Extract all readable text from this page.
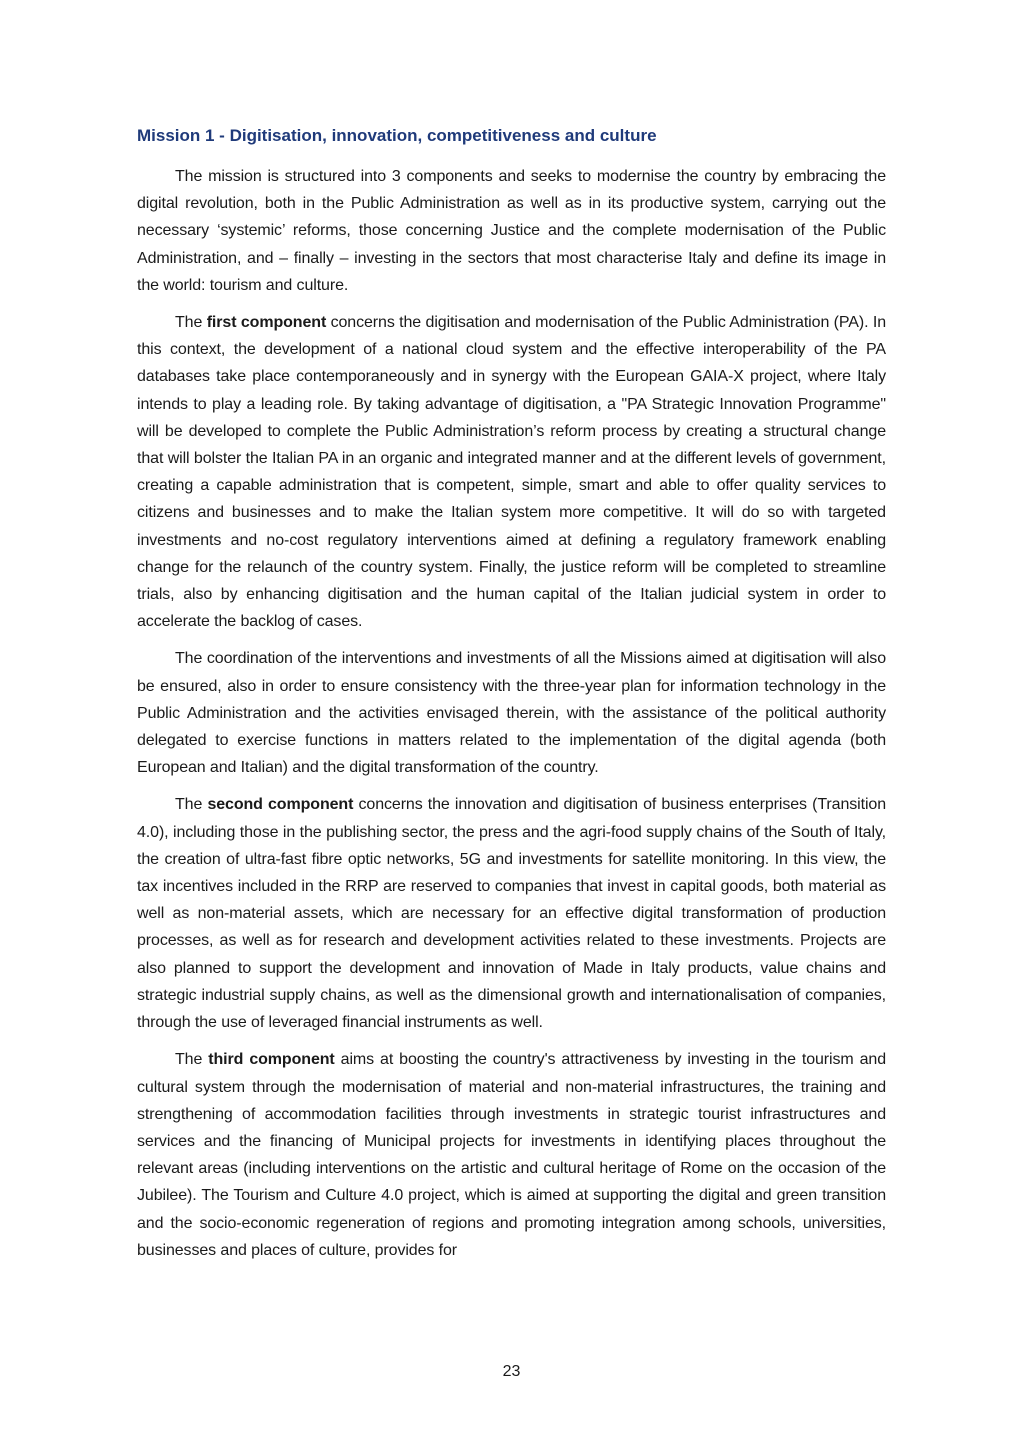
Mission 1 - Digitisation, innovation, competitiveness and culture

The mission is structured into 3 components and seeks to modernise the country by embracing the digital revolution, both in the Public Administration as well as in its productive system, carrying out the necessary ‘systemic’ reforms, those concerning Justice and the complete modernisation of the Public Administration, and – finally – investing in the sectors that most characterise Italy and define its image in the world: tourism and culture.

The first component concerns the digitisation and modernisation of the Public Administration (PA). In this context, the development of a national cloud system and the effective interoperability of the PA databases take place contemporaneously and in synergy with the European GAIA-X project, where Italy intends to play a leading role. By taking advantage of digitisation, a "PA Strategic Innovation Programme" will be developed to complete the Public Administration’s reform process by creating a structural change that will bolster the Italian PA in an organic and integrated manner and at the different levels of government, creating a capable administration that is competent, simple, smart and able to offer quality services to citizens and businesses and to make the Italian system more competitive. It will do so with targeted investments and no-cost regulatory interventions aimed at defining a regulatory framework enabling change for the relaunch of the country system. Finally, the justice reform will be completed to streamline trials, also by enhancing digitisation and the human capital of the Italian judicial system in order to accelerate the backlog of cases.

The coordination of the interventions and investments of all the Missions aimed at digitisation will also be ensured, also in order to ensure consistency with the three-year plan for information technology in the Public Administration and the activities envisaged therein, with the assistance of the political authority delegated to exercise functions in matters related to the implementation of the digital agenda (both European and Italian) and the digital transformation of the country.

The second component concerns the innovation and digitisation of business enterprises (Transition 4.0), including those in the publishing sector, the press and the agri-food supply chains of the South of Italy, the creation of ultra-fast fibre optic networks, 5G and investments for satellite monitoring. In this view, the tax incentives included in the RRP are reserved to companies that invest in capital goods, both material as well as non-material assets, which are necessary for an effective digital transformation of production processes, as well as for research and development activities related to these investments. Projects are also planned to support the development and innovation of Made in Italy products, value chains and strategic industrial supply chains, as well as the dimensional growth and internationalisation of companies, through the use of leveraged financial instruments as well.

The third component aims at boosting the country's attractiveness by investing in the tourism and cultural system through the modernisation of material and non-material infrastructures, the training and strengthening of accommodation facilities through investments in strategic tourist infrastructures and services and the financing of Municipal projects for investments in identifying places throughout the relevant areas (including interventions on the artistic and cultural heritage of Rome on the occasion of the Jubilee). The Tourism and Culture 4.0 project, which is aimed at supporting the digital and green transition and the socio-economic regeneration of regions and promoting integration among schools, universities, businesses and places of culture, provides for

23
